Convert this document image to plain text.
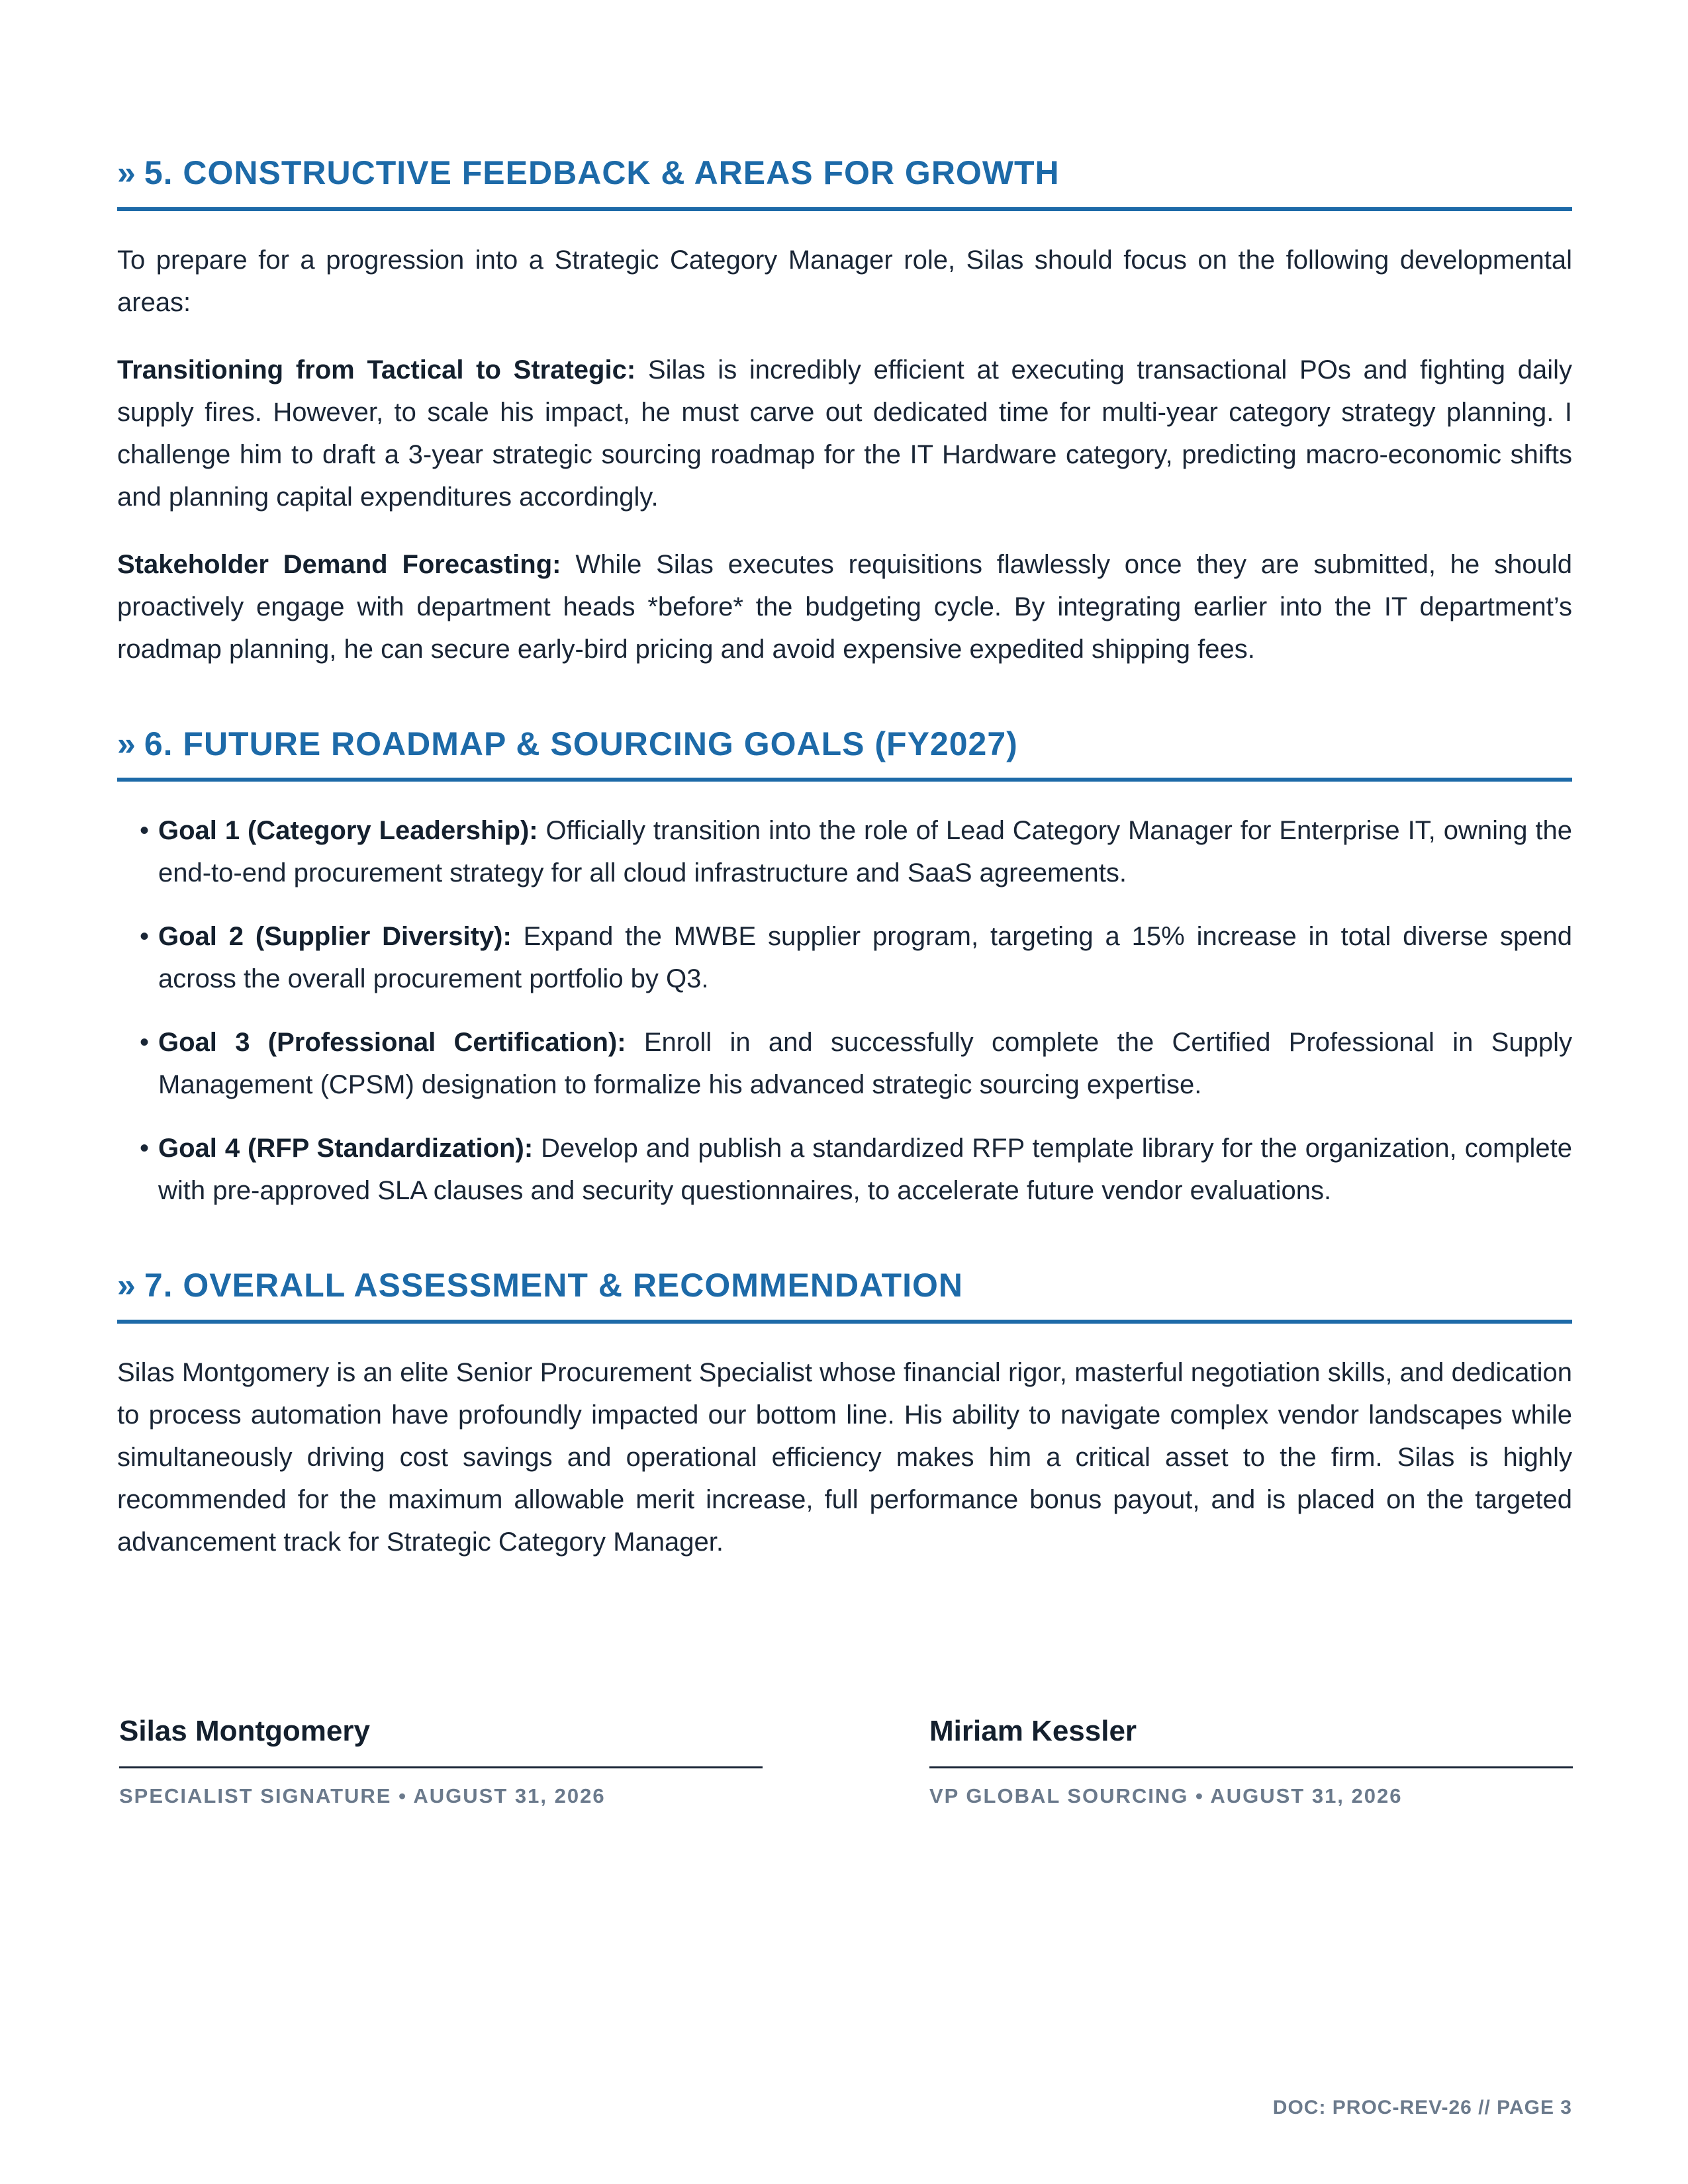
» 5. CONSTRUCTIVE FEEDBACK & AREAS FOR GROWTH

To prepare for a progression into a Strategic Category Manager role, Silas should focus on the following developmental areas:

Transitioning from Tactical to Strategic: Silas is incredibly efficient at executing transactional POs and fighting daily supply fires. However, to scale his impact, he must carve out dedicated time for multi-year category strategy planning. I challenge him to draft a 3-year strategic sourcing roadmap for the IT Hardware category, predicting macro-economic shifts and planning capital expenditures accordingly.

Stakeholder Demand Forecasting: While Silas executes requisitions flawlessly once they are submitted, he should proactively engage with department heads *before* the budgeting cycle. By integrating earlier into the IT department’s roadmap planning, he can secure early-bird pricing and avoid expensive expedited shipping fees.

» 6. FUTURE ROADMAP & SOURCING GOALS (FY2027)
• Goal 1 (Category Leadership): Officially transition into the role of Lead Category Manager for Enterprise IT, owning the end-to-end procurement strategy for all cloud infrastructure and SaaS agreements.
• Goal 2 (Supplier Diversity): Expand the MWBE supplier program, targeting a 15% increase in total diverse spend across the overall procurement portfolio by Q3.
• Goal 3 (Professional Certification): Enroll in and successfully complete the Certified Professional in Supply Management (CPSM) designation to formalize his advanced strategic sourcing expertise.
• Goal 4 (RFP Standardization): Develop and publish a standardized RFP template library for the organization, complete with pre-approved SLA clauses and security questionnaires, to accelerate future vendor evaluations.
» 7. OVERALL ASSESSMENT & RECOMMENDATION

Silas Montgomery is an elite Senior Procurement Specialist whose financial rigor, masterful negotiation skills, and dedication to process automation have profoundly impacted our bottom line. His ability to navigate complex vendor landscapes while simultaneously driving cost savings and operational efficiency makes him a critical asset to the firm. Silas is highly recommended for the maximum allowable merit increase, full performance bonus payout, and is placed on the targeted advancement track for Strategic Category Manager.

Silas Montgomery
SPECIALIST SIGNATURE • AUGUST 31, 2026
Miriam Kessler
VP GLOBAL SOURCING • AUGUST 31, 2026
DOC: PROC-REV-26 // PAGE 3
